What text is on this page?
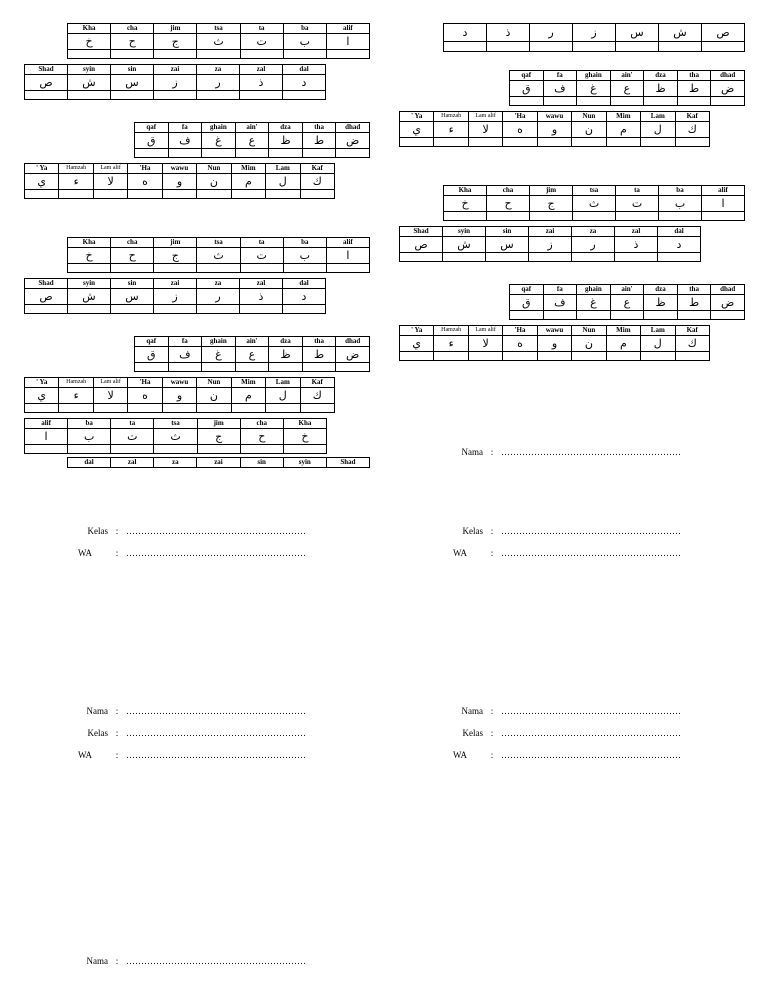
Kha	cha	jim	tsa	ta	ba	alif
خ	ح	ج	ث	ت	ب	ا

Shad	syin	sin	zai	za	zal	dal
ص	ش	س	ز	ر	ذ	د

qaf	fa	ghain	ain'	dza	tha	dhad
ق	ف	غ	ع	ظ	ط	ض

' Ya	Hamzah	Lam alif	'Ha	wawu	Nun	Mim	Lam	Kaf
ي	ء	لا	ه	و	ن	م	ل	ك

Kha	cha	jim	tsa	ta	ba	alif
خ	ح	ج	ث	ت	ب	ا

Shad	syin	sin	zai	za	zal	dal
ص	ش	س	ز	ر	ذ	د

qaf	fa	ghain	ain'	dza	tha	dhad
ق	ف	غ	ع	ظ	ط	ض

' Ya	Hamzah	Lam alif	'Ha	wawu	Nun	Mim	Lam	Kaf
ي	ء	لا	ه	و	ن	م	ل	ك

alif	ba	ta	tsa	jim	cha	Kha
ا	ب	ت	ث	ج	ح	خ

dal	zal	za	zai	sin	syin	Shad
د	ذ	ر	ز	س	ش	ص

qaf	fa	ghain	ain'	dza	tha	dhad
ق	ف	غ	ع	ظ	ط	ض

' Ya	Hamzah	Lam alif	'Ha	wawu	Nun	Mim	Lam	Kaf
ي	ء	لا	ه	و	ن	م	ل	ك

Kha	cha	jim	tsa	ta	ba	alif
خ	ح	ج	ث	ت	ب	ا

Shad	syin	sin	zai	za	zal	dal
ص	ش	س	ز	ر	ذ	د

qaf	fa	ghain	ain'	dza	tha	dhad
ق	ف	غ	ع	ظ	ط	ض

' Ya	Hamzah	Lam alif	'Ha	wawu	Nun	Mim	Lam	Kaf
ي	ء	لا	ه	و	ن	م	ل	ك

Nama : ……………………………………………………
Kelas : ……………………………………………………
WA	: ……………………………………………………
Kelas : ……………………………………………………
WA	: ……………………………………………………
Nama : ……………………………………………………
Kelas : ……………………………………………………
WA	: ……………………………………………………
Nama : ……………………………………………………
Kelas : ……………………………………………………
WA	: ……………………………………………………
Nama : ……………………………………………………
